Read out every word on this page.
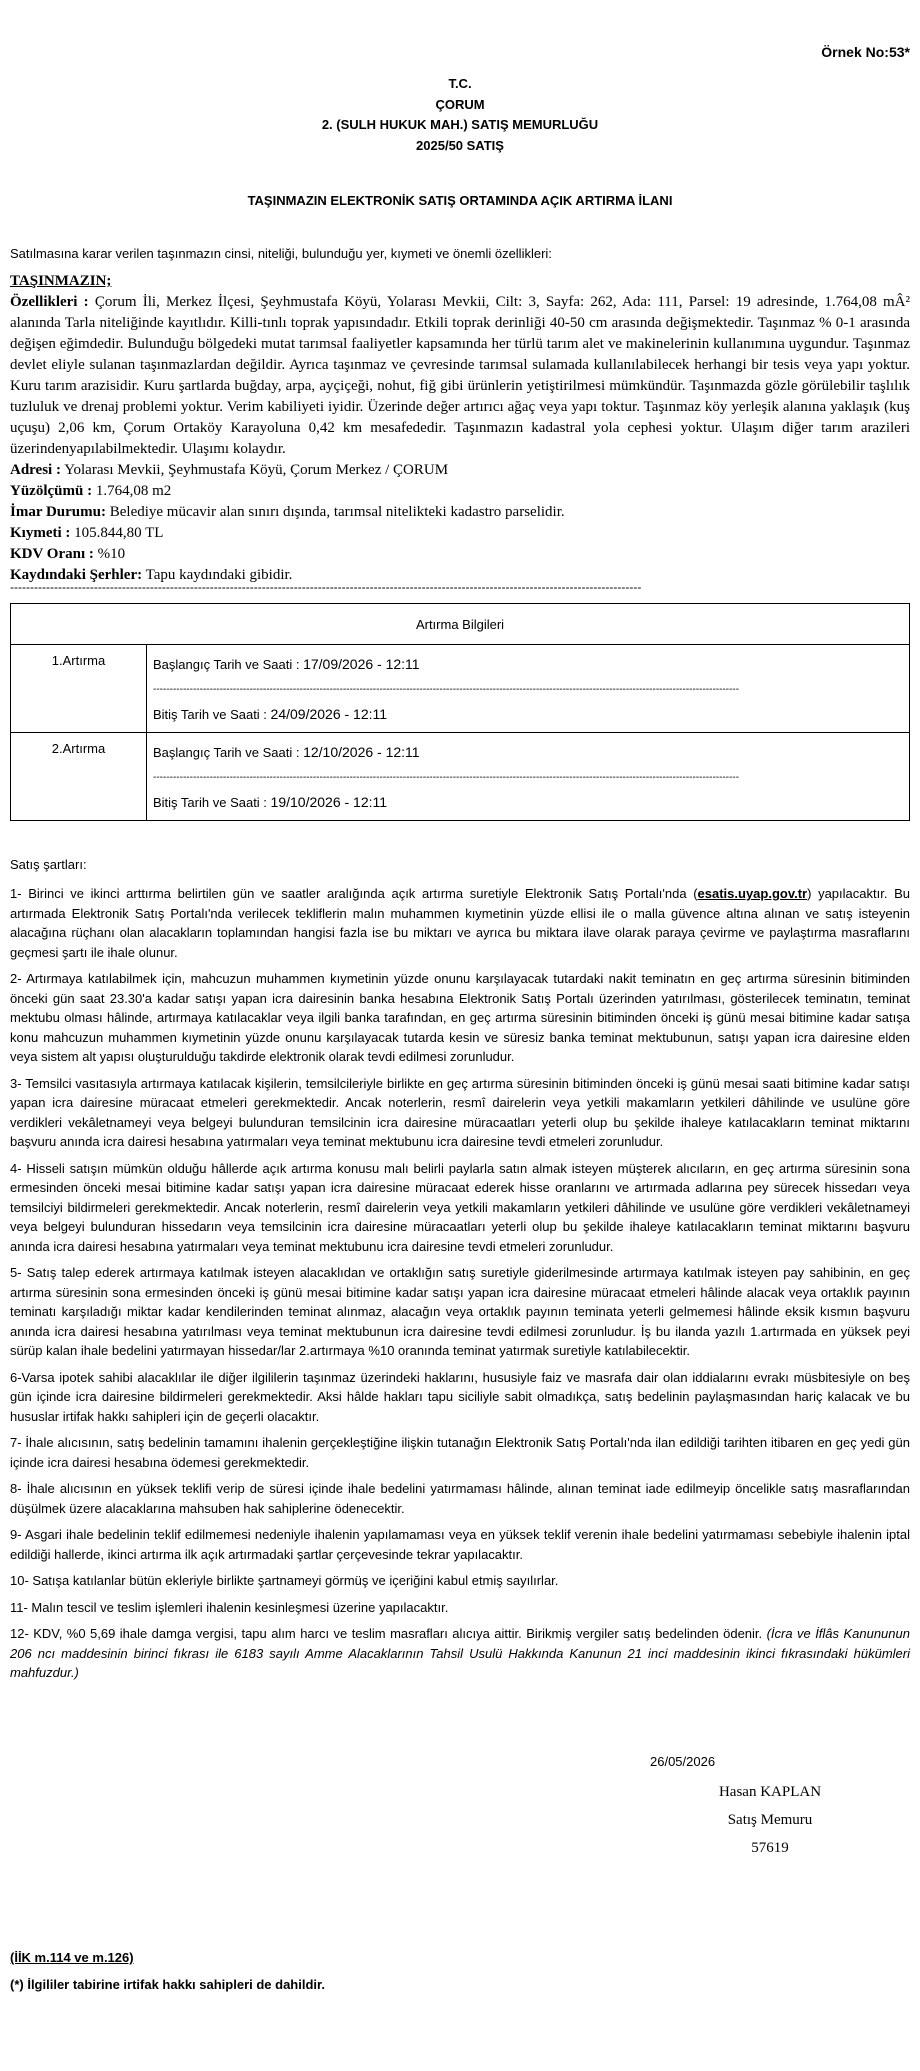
Örnek No:53*
T.C.
ÇORUM
2. (SULH HUKUK MAH.) SATIŞ MEMURLUĞU
2025/50 SATIŞ
TAŞINMAZIN ELEKTRONİK SATIŞ ORTAMINDA AÇIK ARTIRMA İLANI
Satılmasına karar verilen taşınmazın cinsi, niteliği, bulunduğu yer, kıymeti ve önemli özellikleri:
TAŞINMAZIN;
Özellikleri : Çorum İli, Merkez İlçesi, Şeyhmustafa Köyü, Yolarası Mevkii, Cilt: 3, Sayfa: 262, Ada: 111, Parsel: 19 adresinde, 1.764,08 mÂ² alanında Tarla niteliğinde kayıtlıdır. Killi-tınlı toprak yapısındadır. Etkili toprak derinliği 40-50 cm arasında değişmektedir. Taşınmaz % 0-1 arasında değişen eğimdedir. Bulunduğu bölgedeki mutat tarımsal faaliyetler kapsamında her türlü tarım alet ve makinelerinin kullanımına uygundur. Taşınmaz devlet eliyle sulanan taşınmazlardan değildir. Ayrıca taşınmaz ve çevresinde tarımsal sulamada kullanılabilecek herhangi bir tesis veya yapı yoktur. Kuru tarım arazisidir. Kuru şartlarda buğday, arpa, ayçiçeği, nohut, fiğ gibi ürünlerin yetiştirilmesi mümkündür. Taşınmazda gözle görülebilir taşlılık tuzluluk ve drenaj problemi yoktur. Verim kabiliyeti iyidir. Üzerinde değer artırıcı ağaç veya yapı toktur. Taşınmaz köy yerleşik alanına yaklaşık (kuş uçuşu) 2,06 km, Çorum Ortaköy Karayoluna 0,42 km mesafededir. Taşınmazın kadastral yola cephesi yoktur. Ulaşım diğer tarım arazileri üzerindenyapılabilmektedir. Ulaşımı kolaydır.
Adresi : Yolarası Mevkii, Şeyhmustafa Köyü, Çorum Merkez / ÇORUM
Yüzölçümü : 1.764,08 m2
İmar Durumu: Belediye mücavir alan sınırı dışında, tarımsal nitelikteki kadastro parselidir.
Kıymeti : 105.844,80 TL
KDV Oranı : %10
Kaydındaki Şerhler: Tapu kaydındaki gibidir.
--------------------------------------------------------------------------------------------------------------------------------------------------------------
Artırma Bilgileri	
1.Artırma	Başlangıç Tarih ve Saati : 17/09/2026 - 12:11
--------------------------------------------------------------------------------------------------------------------------------------------------------------------------------
Bitiş Tarih ve Saati : 24/09/2026 - 12:11

2.Artırma	Başlangıç Tarih ve Saati : 12/10/2026 - 12:11
--------------------------------------------------------------------------------------------------------------------------------------------------------------------------------
Bitiş Tarih ve Saati : 19/10/2026 - 12:11
Satış şartları:

1- Birinci ve ikinci arttırma belirtilen gün ve saatler aralığında açık artırma suretiyle Elektronik Satış Portalı'nda (esatis.uyap.gov.tr) yapılacaktır. Bu artırmada Elektronik Satış Portalı'nda verilecek tekliflerin malın muhammen kıymetinin yüzde ellisi ile o malla güvence altına alınan ve satış isteyenin alacağına rüçhanı olan alacakların toplamından hangisi fazla ise bu miktarı ve ayrıca bu miktara ilave olarak paraya çevirme ve paylaştırma masraflarını geçmesi şartı ile ihale olunur.

2- Artırmaya katılabilmek için, mahcuzun muhammen kıymetinin yüzde onunu karşılayacak tutardaki nakit teminatın en geç artırma süresinin bitiminden önceki gün saat 23.30'a kadar satışı yapan icra dairesinin banka hesabına Elektronik Satış Portalı üzerinden yatırılması, gösterilecek teminatın, teminat mektubu olması hâlinde, artırmaya katılacaklar veya ilgili banka tarafından, en geç artırma süresinin bitiminden önceki iş günü mesai bitimine kadar satışa konu mahcuzun muhammen kıymetinin yüzde onunu karşılayacak tutarda kesin ve süresiz banka teminat mektubunun, satışı yapan icra dairesine elden veya sistem alt yapısı oluşturulduğu takdirde elektronik olarak tevdi edilmesi zorunludur.

3- Temsilci vasıtasıyla artırmaya katılacak kişilerin, temsilcileriyle birlikte en geç artırma süresinin bitiminden önceki iş günü mesai saati bitimine kadar satışı yapan icra dairesine müracaat etmeleri gerekmektedir. Ancak noterlerin, resmî dairelerin veya yetkili makamların yetkileri dâhilinde ve usulüne göre verdikleri vekâletnameyi veya belgeyi bulunduran temsilcinin icra dairesine müracaatları yeterli olup bu şekilde ihaleye katılacakların teminat miktarını başvuru anında icra dairesi hesabına yatırmaları veya teminat mektubunu icra dairesine tevdi etmeleri zorunludur.

4- Hisseli satışın mümkün olduğu hâllerde açık artırma konusu malı belirli paylarla satın almak isteyen müşterek alıcıların, en geç artırma süresinin sona ermesinden önceki mesai bitimine kadar satışı yapan icra dairesine müracaat ederek hisse oranlarını ve artırmada adlarına pey sürecek hissedarı veya temsilciyi bildirmeleri gerekmektedir. Ancak noterlerin, resmî dairelerin veya yetkili makamların yetkileri dâhilinde ve usulüne göre verdikleri vekâletnameyi veya belgeyi bulunduran hissedarın veya temsilcinin icra dairesine müracaatları yeterli olup bu şekilde ihaleye katılacakların teminat miktarını başvuru anında icra dairesi hesabına yatırmaları veya teminat mektubunu icra dairesine tevdi etmeleri zorunludur.

5- Satış talep ederek artırmaya katılmak isteyen alacaklıdan ve ortaklığın satış suretiyle giderilmesinde artırmaya katılmak isteyen pay sahibinin, en geç artırma süresinin sona ermesinden önceki iş günü mesai bitimine kadar satışı yapan icra dairesine müracaat etmeleri hâlinde alacak veya ortaklık payının teminatı karşıladığı miktar kadar kendilerinden teminat alınmaz, alacağın veya ortaklık payının teminata yeterli gelmemesi hâlinde eksik kısmın başvuru anında icra dairesi hesabına yatırılması veya teminat mektubunun icra dairesine tevdi edilmesi zorunludur. İş bu ilanda yazılı 1.artırmada en yüksek peyi sürüp kalan ihale bedelini yatırmayan hissedar/lar 2.artırmaya %10 oranında teminat yatırmak suretiyle katılabilecektir.

6-Varsa ipotek sahibi alacaklılar ile diğer ilgililerin taşınmaz üzerindeki haklarını, hususiyle faiz ve masrafa dair olan iddialarını evrakı müsbitesiyle on beş gün içinde icra dairesine bildirmeleri gerekmektedir. Aksi hâlde hakları tapu siciliyle sabit olmadıkça, satış bedelinin paylaşmasından hariç kalacak ve bu hususlar irtifak hakkı sahipleri için de geçerli olacaktır.

7- İhale alıcısının, satış bedelinin tamamını ihalenin gerçekleştiğine ilişkin tutanağın Elektronik Satış Portalı'nda ilan edildiği tarihten itibaren en geç yedi gün içinde icra dairesi hesabına ödemesi gerekmektedir.

8- İhale alıcısının en yüksek teklifi verip de süresi içinde ihale bedelini yatırmaması hâlinde, alınan teminat iade edilmeyip öncelikle satış masraflarından düşülmek üzere alacaklarına mahsuben hak sahiplerine ödenecektir.

9- Asgari ihale bedelinin teklif edilmemesi nedeniyle ihalenin yapılamaması veya en yüksek teklif verenin ihale bedelini yatırmaması sebebiyle ihalenin iptal edildiği hallerde, ikinci artırma ilk açık artırmadaki şartlar çerçevesinde tekrar yapılacaktır.

10- Satışa katılanlar bütün ekleriyle birlikte şartnameyi görmüş ve içeriğini kabul etmiş sayılırlar.

11- Malın tescil ve teslim işlemleri ihalenin kesinleşmesi üzerine yapılacaktır.

12- KDV, %0 5,69 ihale damga vergisi, tapu alım harcı ve teslim masrafları alıcıya aittir. Birikmiş vergiler satış bedelinden ödenir. (İcra ve İflâs Kanununun 206 ncı maddesinin birinci fıkrası ile 6183 sayılı Amme Alacaklarının Tahsil Usulü Hakkında Kanunun 21 inci maddesinin ikinci fıkrasındaki hükümleri mahfuzdur.)

26/05/2026
Hasan KAPLAN
Satış Memuru
57619
(İİK m.114 ve m.126)
(*) İlgililer tabirine irtifak hakkı sahipleri de dahildir.
